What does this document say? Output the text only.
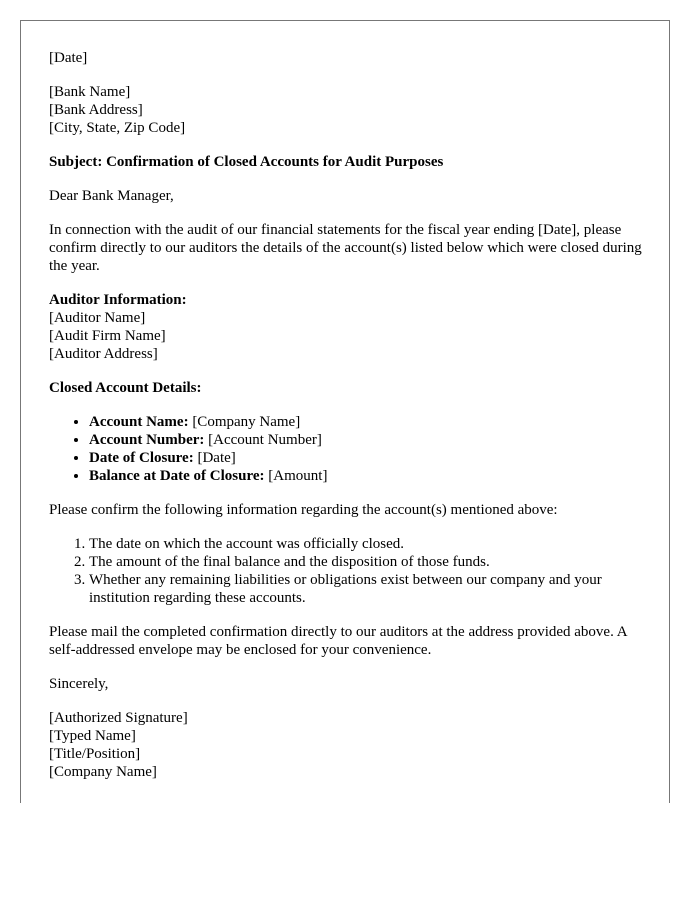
[Date]

[Bank Name]
[Bank Address]
[City, State, Zip Code]

Subject: Confirmation of Closed Accounts for Audit Purposes

Dear Bank Manager,

In connection with the audit of our financial statements for the fiscal year ending [Date], please confirm directly to our auditors the details of the account(s) listed below which were closed during the year.

Auditor Information:
[Auditor Name]
[Audit Firm Name]
[Auditor Address]

Closed Account Details:

• Account Name: [Company Name]
• Account Number: [Account Number]
• Date of Closure: [Date]
• Balance at Date of Closure: [Amount]

Please confirm the following information regarding the account(s) mentioned above:

1. The date on which the account was officially closed.
2. The amount of the final balance and the disposition of those funds.
3. Whether any remaining liabilities or obligations exist between our company and your institution regarding these accounts.

Please mail the completed confirmation directly to our auditors at the address provided above. A self-addressed envelope may be enclosed for your convenience.

Sincerely,

[Authorized Signature]
[Typed Name]
[Title/Position]
[Company Name]
